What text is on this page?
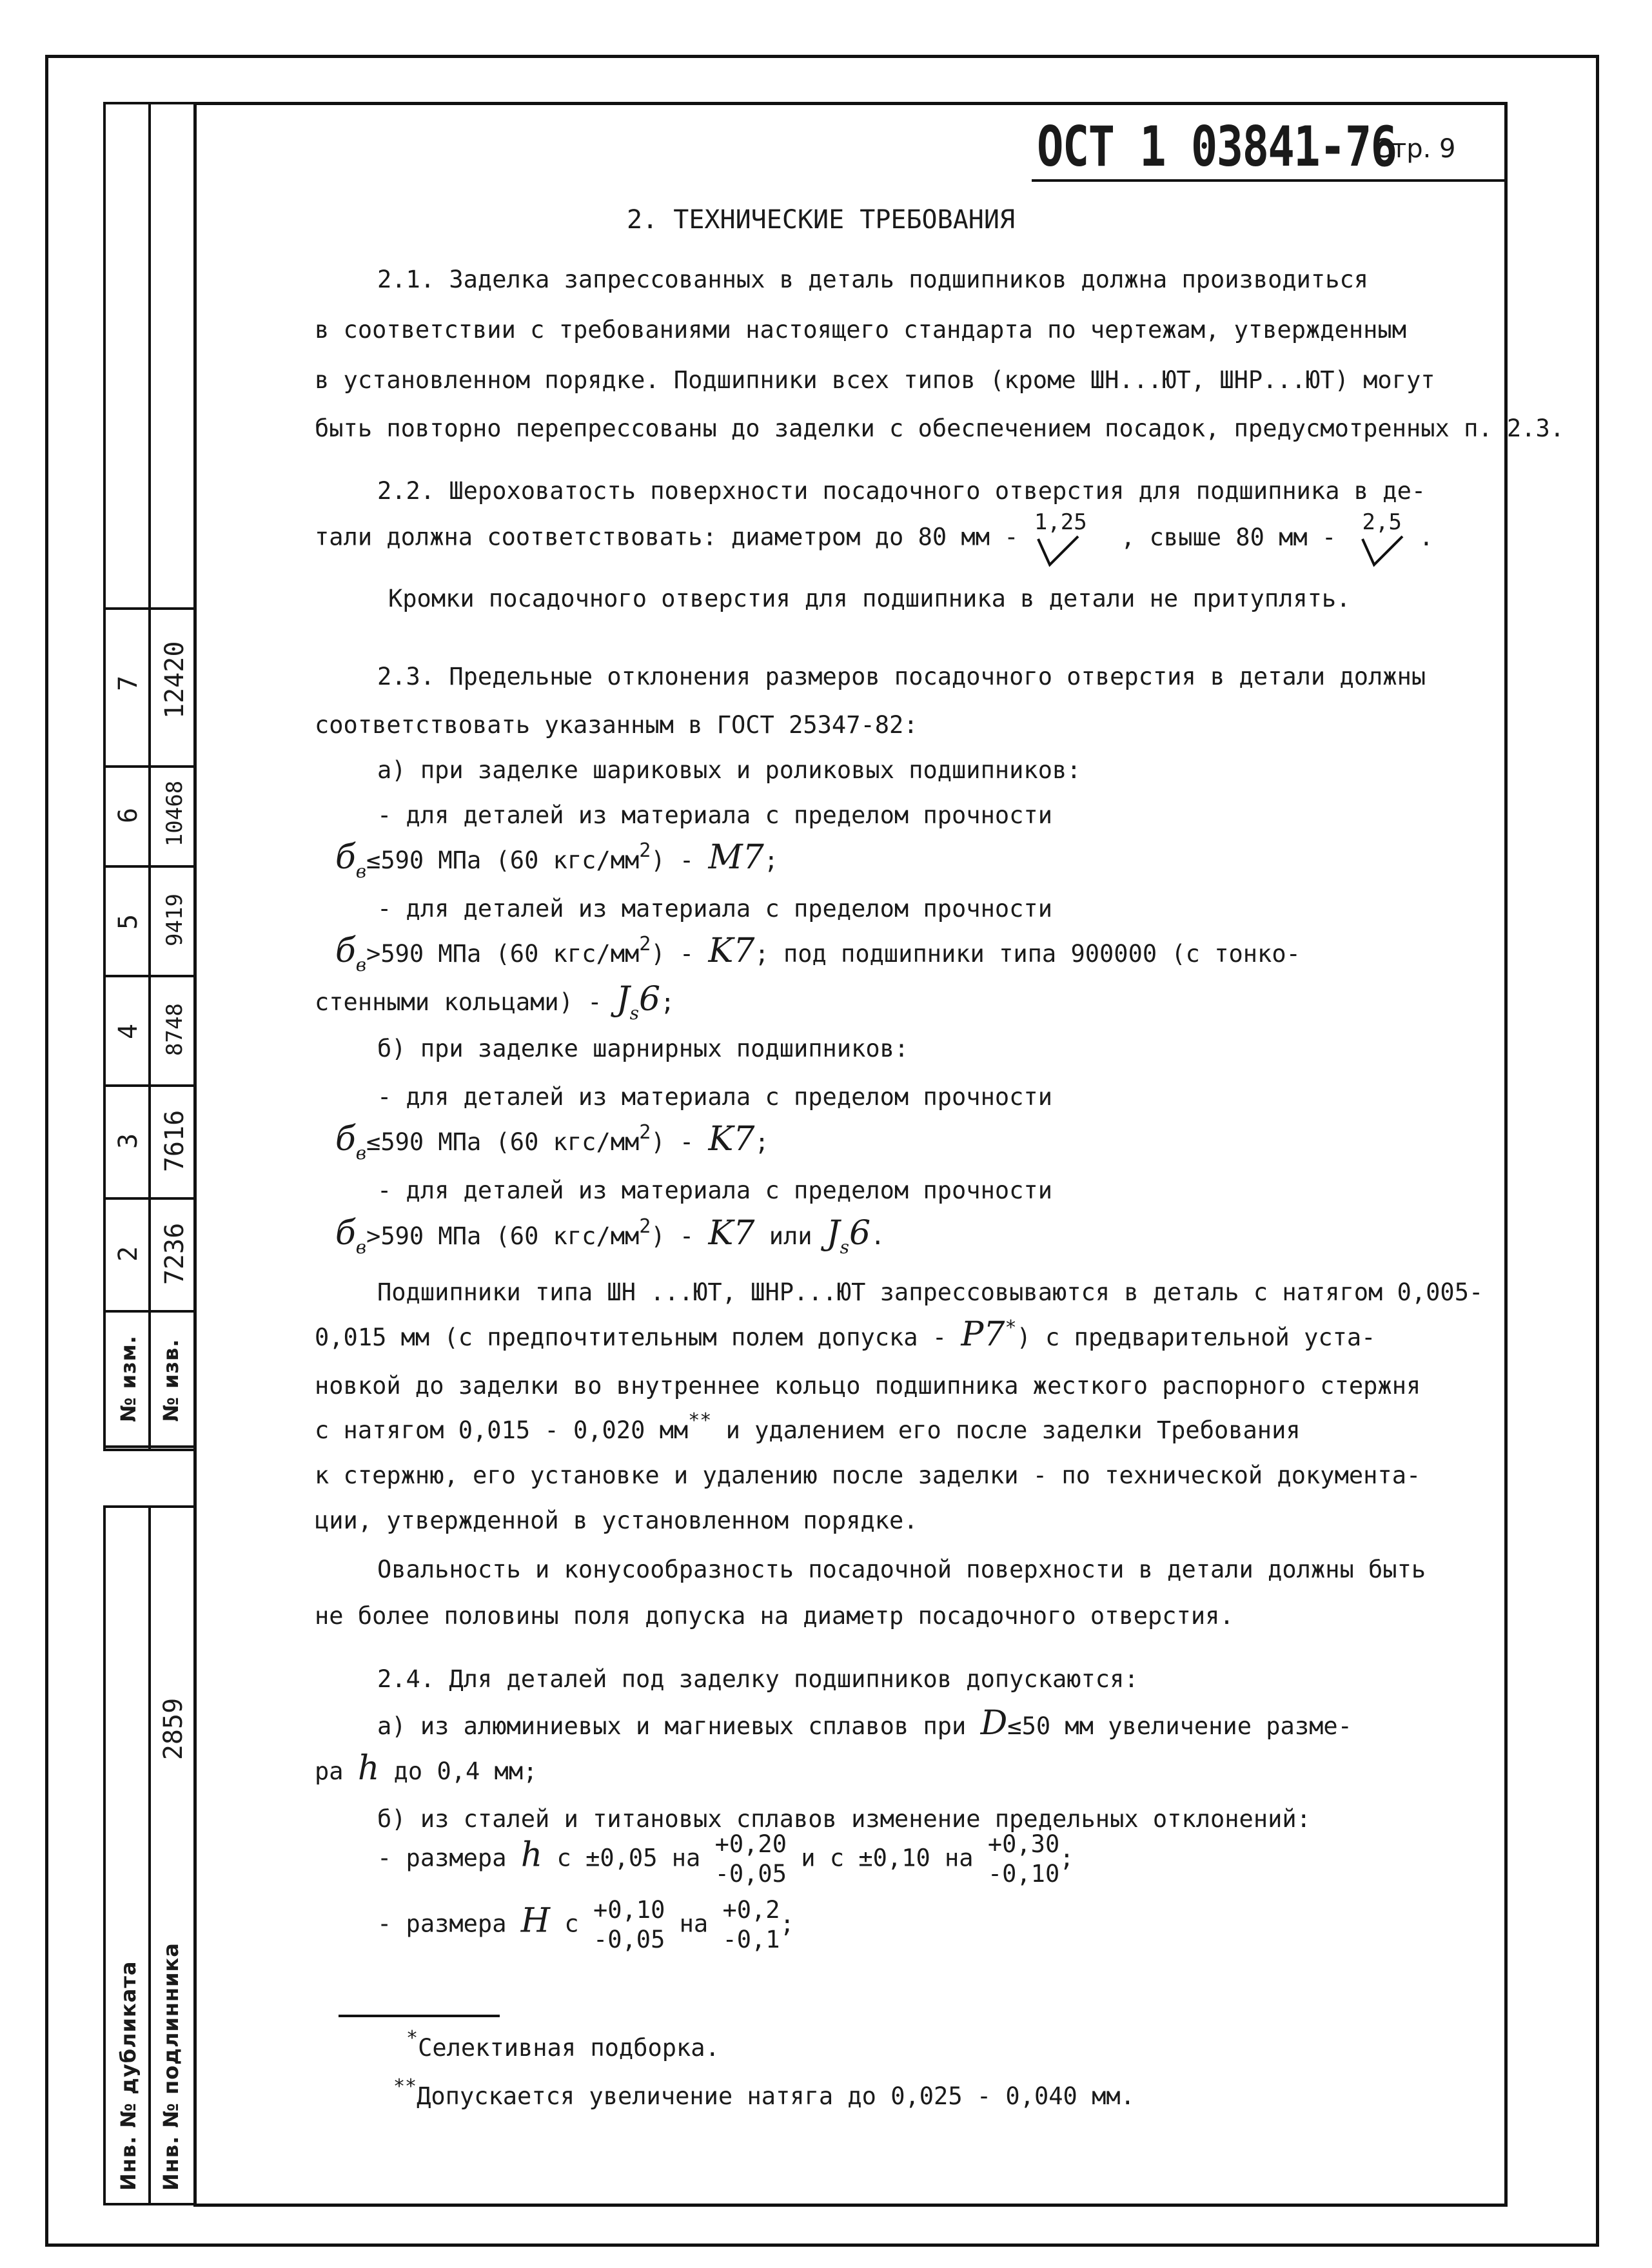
7 12420
6 10468
5 9419
4 8748
3 7616
2 7236
№ изм. № изв.
2859
Инв. № дубликата Инв. № подлинника
ОСТ 1 03841-76
Стр. 9
2. ТЕХНИЧЕСКИЕ ТРЕБОВАНИЯ
2.1. Заделка запрессованных в деталь подшипников должна производиться
в соответствии с требованиями настоящего стандарта по чертежам, утвержденным
в установленном порядке. Подшипники всех типов (кроме ШН...ЮТ, ШНР...ЮТ) могут
быть повторно перепрессованы до заделки с обеспечением посадок, предусмотренных п. 2.3.
2.2. Шероховатость поверхности посадочного отверстия для подшипника в де-
тали должна соответствовать: диаметром до 80 мм -
1,25
, свыше 80 мм -
2,5
.
Кромки посадочного отверстия для подшипника в детали не притуплять.
2.3. Предельные отклонения размеров посадочного отверстия в детали должны
соответствовать указанным в ГОСТ 25347-82:
а) при заделке шариковых и роликовых подшипников:
- для деталей из материала с пределом прочности
$б_в\le 590$ МПа (60 кгс/$мм^2) - M7$;
- для деталей из материала с пределом прочности
$б_в>590$ МПа (60 кгс/$мм^2) - K7$; под подшипники типа 900000 (с тонко-
стенными кольцами) - $J_s6$;
б) при заделке шарнирных подшипников:
- для деталей из материала с пределом прочности
$б_в\le 590$ МПа (60 кгс/$мм^2) - K7$;
- для деталей из материала с пределом прочности
$б_в>590$ МПа (60 кгс/$мм^2) - K7$ или $J_s6$.
Подшипники типа ШН ...ЮТ, ШНР...ЮТ запрессовываются в деталь с натягом 0,005-
0,015 мм (с предпочтительным полем допуска - P7*) с предварительной уста-
новкой до заделки во внутреннее кольцо подшипника жесткого распорного стержня
с натягом 0,015 - 0,020 мм** и удалением его после заделки Требования
к стержню, его установке и удалению после заделки - по технической документа-
ции, утвержденной в установленном порядке.
Овальность и конусообразность посадочной поверхности в детали должны быть
не более половины поля допуска на диаметр посадочного отверстия.
2.4. Для деталей под заделку подшипников допускаются:
а) из алюминиевых и магниевых сплавов при D≤50 мм увеличение разме-
ра h до 0,4 мм;
б) из сталей и титановых сплавов изменение предельных отклонений:
- размера h с ±0,05 на +0,20
-0,05 и с ±0,10 на +0,30
-0,10;
- размера H с +0,10
-0,05 на +0,2
-0,1;
*Селективная подборка.
**Допускается увеличение натяга до 0,025 - 0,040 мм.
